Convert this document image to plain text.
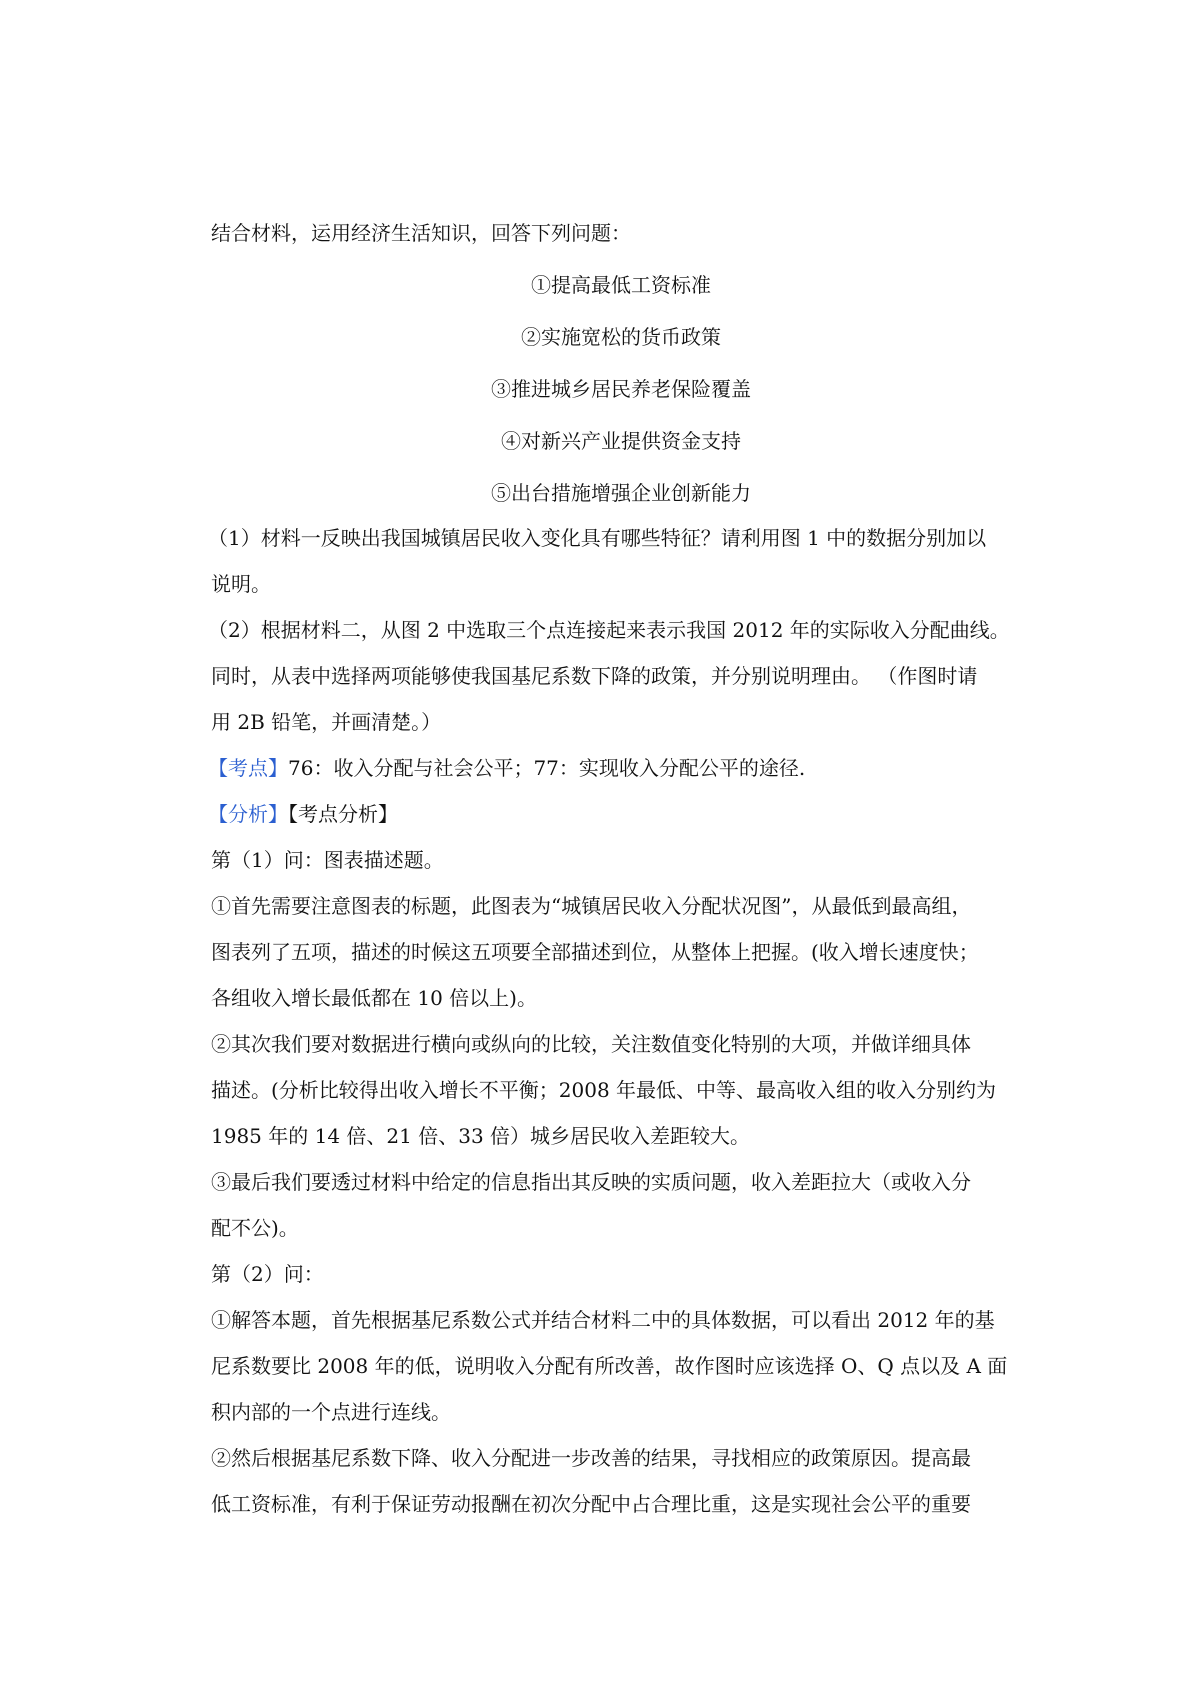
结合材料，运用经济生活知识，回答下列问题：
①提高最低工资标准
②实施宽松的货币政策
③推进城乡居民养老保险覆盖
④对新兴产业提供资金支持
⑤出台措施增强企业创新能力
（1）材料一反映出我国城镇居民收入变化具有哪些特征？请利用图 1 中的数据分别加以
说明。
（2）根据材料二，从图 2 中选取三个点连接起来表示我国 2012 年的实际收入分配曲线。
同时，从表中选择两项能够使我国基尼系数下降的政策，并分别说明理由。 （作图时请
用 2B 铅笔，并画清楚。）
【考点】76：收入分配与社会公平；77：实现收入分配公平的途径.
【分析】【考点分析】
第（1）问：图表描述题。
①首先需要注意图表的标题，此图表为“城镇居民收入分配状况图”，从最低到最高组，
图表列了五项，描述的时候这五项要全部描述到位，从整体上把握。(收入增长速度快；
各组收入增长最低都在 10 倍以上)。
②其次我们要对数据进行横向或纵向的比较，关注数值变化特别的大项，并做详细具体
描述。(分析比较得出收入增长不平衡；2008 年最低、中等、最高收入组的收入分别约为
1985 年的 14 倍、21 倍、33 倍）城乡居民收入差距较大。
③最后我们要透过材料中给定的信息指出其反映的实质问题，收入差距拉大（或收入分
配不公)。
第（2）问：
①解答本题，首先根据基尼系数公式并结合材料二中的具体数据，可以看出 2012 年的基
尼系数要比 2008 年的低，说明收入分配有所改善，故作图时应该选择 O、Q 点以及 A 面
积内部的一个点进行连线。
②然后根据基尼系数下降、收入分配进一步改善的结果，寻找相应的政策原因。提高最
低工资标准，有利于保证劳动报酬在初次分配中占合理比重，这是实现社会公平的重要
